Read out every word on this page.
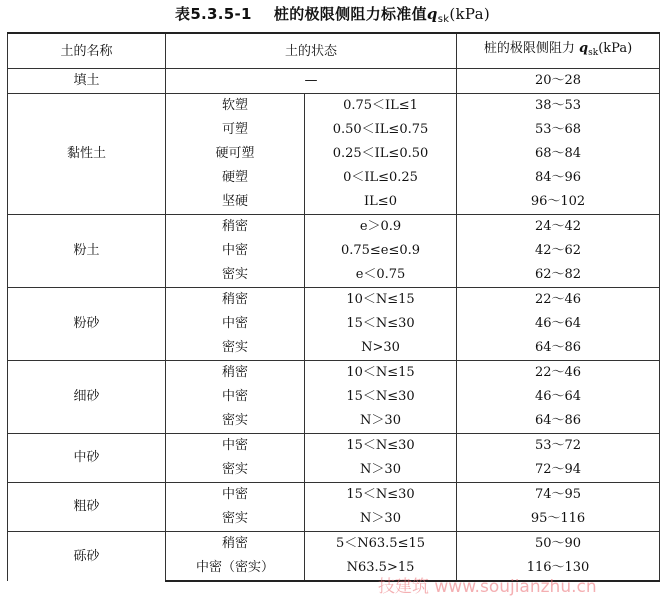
表5.3.5-1 桩的极限侧阻力标准值$q_{sk}(kPa)$
土的名称	土的状态		桩的极限侧阻力 $q_{sk}(kPa)$
填土	—		20～28
黏性土	软塑	0.75＜IL≤1	38～53
	可塑	0.50＜IL≤0.75	53～68
	硬可塑	0.25＜IL≤0.50	68～84
	硬塑	0＜IL≤0.25	84～96
	坚硬	IL≤0	96～102
粉土	稍密	e＞0.9	24～42
	中密	0.75≤e≤0.9	42～62
	密实	e＜0.75	62～82
粉砂	稍密	10＜N≤15	22～46
	中密	15＜N≤30	46～64
	密实	N>30	64～86
细砂	稍密	10＜N≤15	22～46
	中密	15＜N≤30	46～64
	密实	N＞30	64～86
中砂	中密	15＜N≤30	53～72
	密实	N＞30	72～94
粗砂	中密	15＜N≤30	74～95
	密实	N＞30	95～116
砾砂	稍密	5＜N63.5≤15	50～90
	中密（密实）	N63.5>15	116～130
技建筑 www.soujianzhu.cn
